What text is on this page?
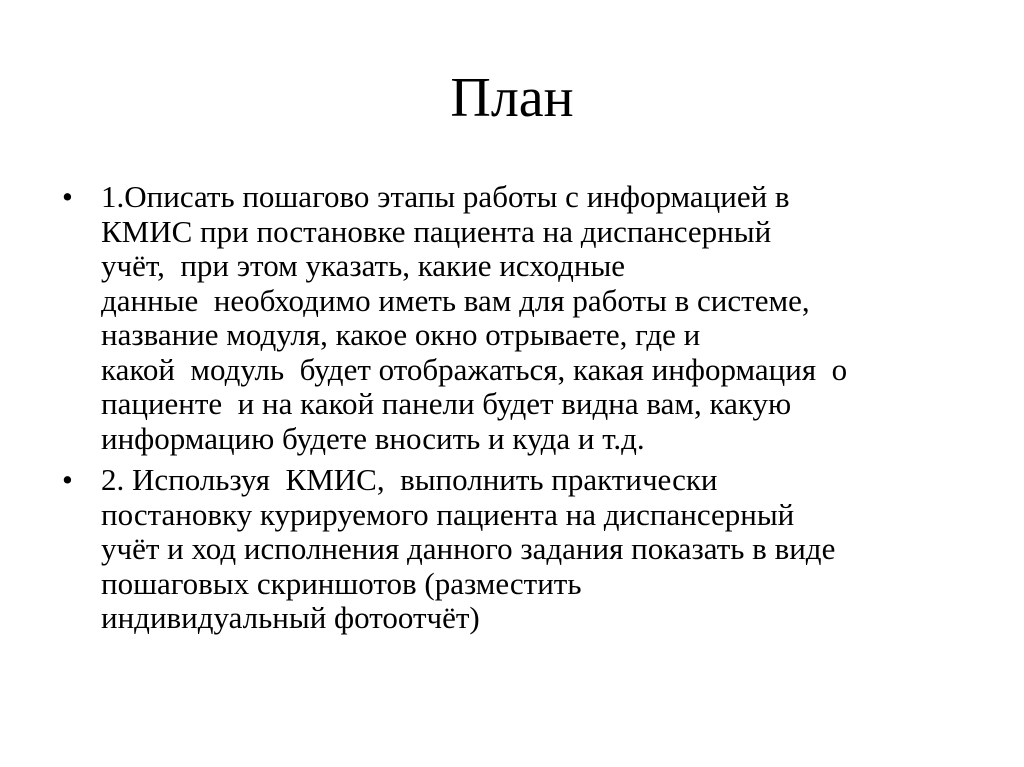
План
• 1.Описать пошагово этапы работы с информацией в
КМИС при постановке пациента на диспансерный
учёт,  при этом указать, какие исходные
данные  необходимо иметь вам для работы в системе,
название модуля, какое окно отрываете, где и
какой  модуль  будет отображаться, какая информация  о
пациенте  и на какой панели будет видна вам, какую
информацию будете вносить и куда и т.д.
• 2. Используя  КМИС,  выполнить практически
постановку курируемого пациента на диспансерный
учёт и ход исполнения данного задания показать в виде
пошаговых скриншотов (разместить
индивидуальный фотоотчёт)
